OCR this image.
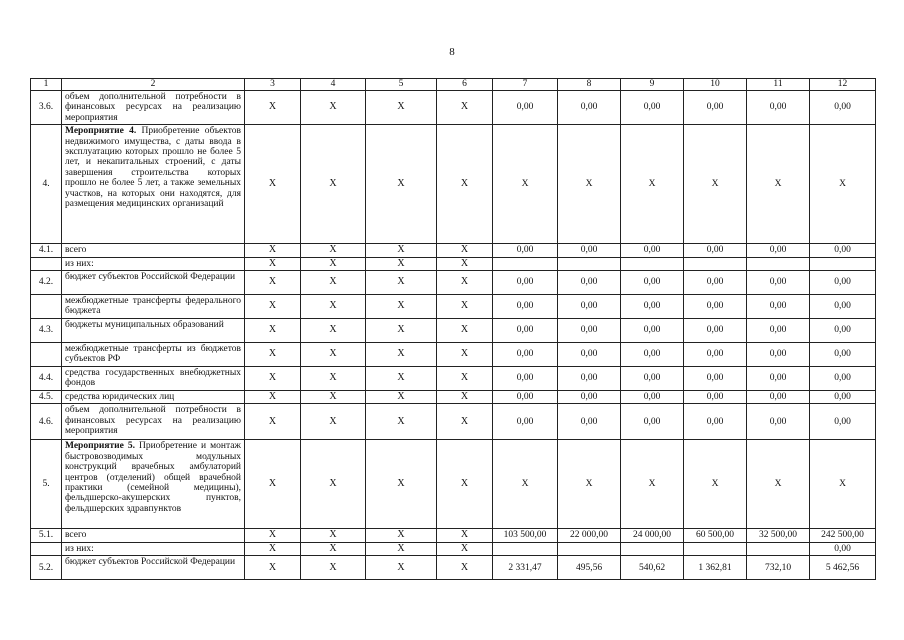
8
1	2	3	4	5	6	7	8	9	10	11	12
3.6.	объем дополнительной потребности в финансовых ресурсах на реализацию мероприятия	X	X	X	X	0,00	0,00	0,00	0,00	0,00	0,00
4.	Мероприятие 4. Приобретение объектов недвижимого имущества, с даты ввода в эксплуатацию которых прошло не более 5 лет, и некапитальных строений, с даты завершения строительства которых прошло не более 5 лет, а также земельных участков, на которых они находятся, для размещения медицинских организаций	X	X	X	X	X	X	X	X	X	X
4.1.	всего	X	X	X	X	0,00	0,00	0,00	0,00	0,00	0,00
	из них:	X	X	X	X						
4.2.	бюджет субъектов Российской Федерации	X	X	X	X	0,00	0,00	0,00	0,00	0,00	0,00
	межбюджетные трансферты федерального бюджета	X	X	X	X	0,00	0,00	0,00	0,00	0,00	0,00
4.3.	бюджеты муниципальных образований	X	X	X	X	0,00	0,00	0,00	0,00	0,00	0,00
	межбюджетные трансферты из бюджетов субъектов РФ	X	X	X	X	0,00	0,00	0,00	0,00	0,00	0,00
4.4.	средства государственных внебюджетных фондов	X	X	X	X	0,00	0,00	0,00	0,00	0,00	0,00
4.5.	средства юридических лиц	X	X	X	X	0,00	0,00	0,00	0,00	0,00	0,00
4.6.	объем дополнительной потребности в финансовых ресурсах на реализацию мероприятия	X	X	X	X	0,00	0,00	0,00	0,00	0,00	0,00
5.	Мероприятие 5. Приобретение и монтаж быстровозводимых модульных конструкций врачебных амбулаторий центров (отделений) общей врачебной практики (семейной медицины), фельдшерско-акушерских пунктов, фельдшерских здравпунктов	X	X	X	X	X	X	X	X	X	X
5.1.	всего	X	X	X	X	103 500,00	22 000,00	24 000,00	60 500,00	32 500,00	242 500,00
	из них:	X	X	X	X						0,00
5.2.	бюджет субъектов Российской Федерации	X	X	X	X	2 331,47	495,56	540,62	1 362,81	732,10	5 462,56
